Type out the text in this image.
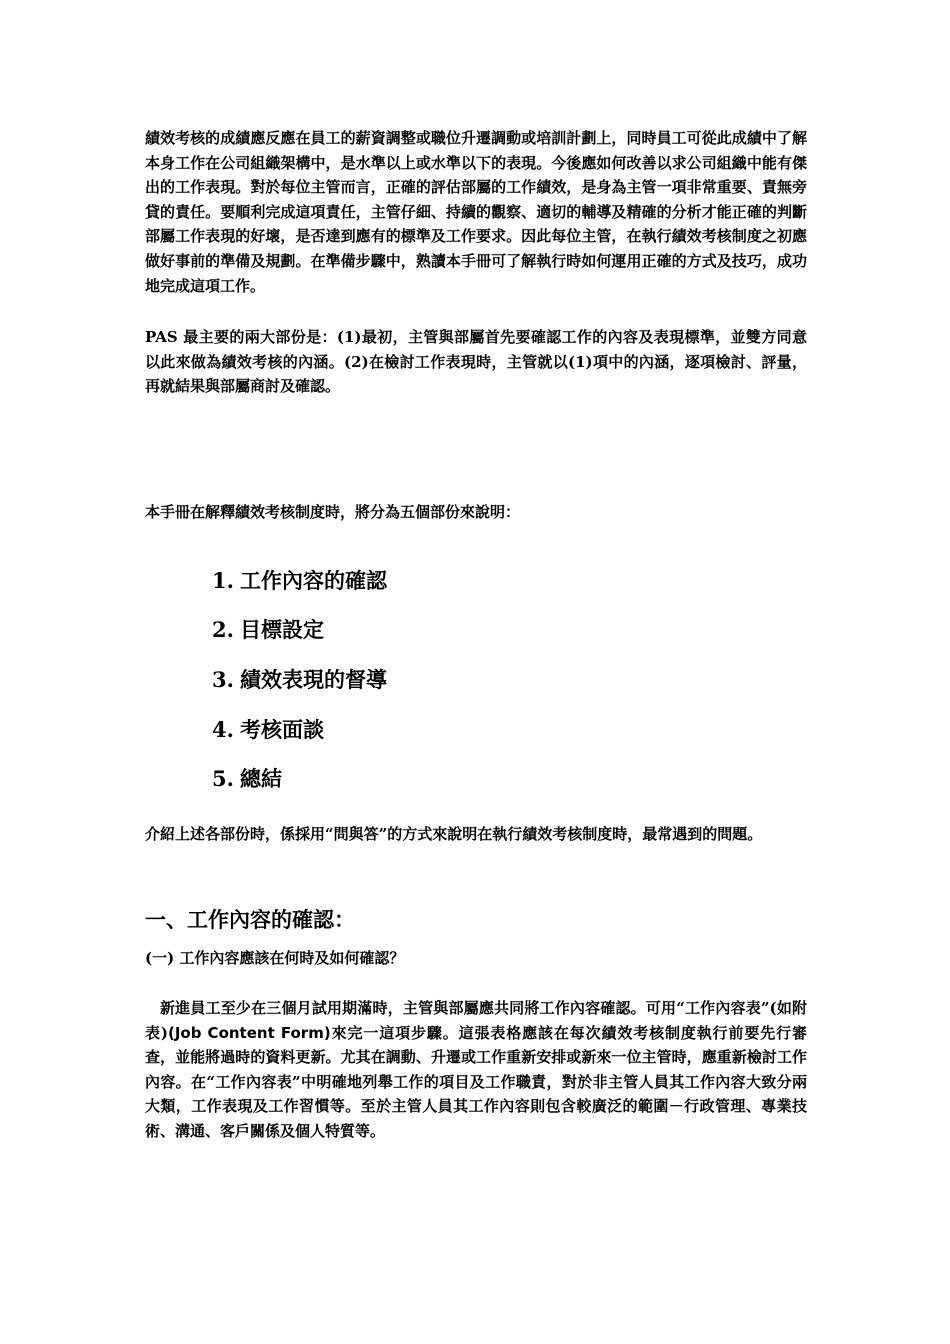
績效考核的成績應反應在員工的薪資調整或職位升遷調動或培訓計劃上，同時員工可從此成績中了解本身工作在公司組織架構中，是水準以上或水準以下的表現。今後應如何改善以求公司組織中能有傑出的工作表現。對於每位主管而言，正確的評估部屬的工作績效，是身為主管一項非常重要、責無旁貸的責任。要順利完成這項責任，主管仔細、持續的觀察、適切的輔導及精確的分析才能正確的判斷部屬工作表現的好壞，是否達到應有的標準及工作要求。因此每位主管，在執行績效考核制度之初應做好事前的準備及規劃。在準備步驟中，熟讀本手冊可了解執行時如何運用正確的方式及技巧，成功地完成這項工作。

PAS 最主要的兩大部份是：(1)最初，主管與部屬首先要確認工作的內容及表現標準，並雙方同意以此來做為績效考核的內涵。(2)在檢討工作表現時，主管就以(1)項中的內涵，逐項檢討、評量，再就結果與部屬商討及確認。

本手冊在解釋績效考核制度時，將分為五個部份來說明：

1. 工作內容的確認
2. 目標設定
3. 績效表現的督導
4. 考核面談
5. 總結

介紹上述各部份時，係採用“問與答”的方式來說明在執行績效考核制度時，最常遇到的問題。

一、工作內容的確認：
(一) 工作內容應該在何時及如何確認？

新進員工至少在三個月試用期滿時，主管與部屬應共同將工作內容確認。可用“工作內容表”(如附表)(Job Content Form)來完一這項步驟。這張表格應該在每次績效考核制度執行前要先行審查，並能將過時的資料更新。尤其在調動、升遷或工作重新安排或新來一位主管時，應重新檢討工作內容。在“工作內容表”中明確地列舉工作的項目及工作職責，對於非主管人員其工作內容大致分兩大類，工作表現及工作習慣等。至於主管人員其工作內容則包含較廣泛的範圍－行政管理、專業技術、溝通、客戶關係及個人特質等。
